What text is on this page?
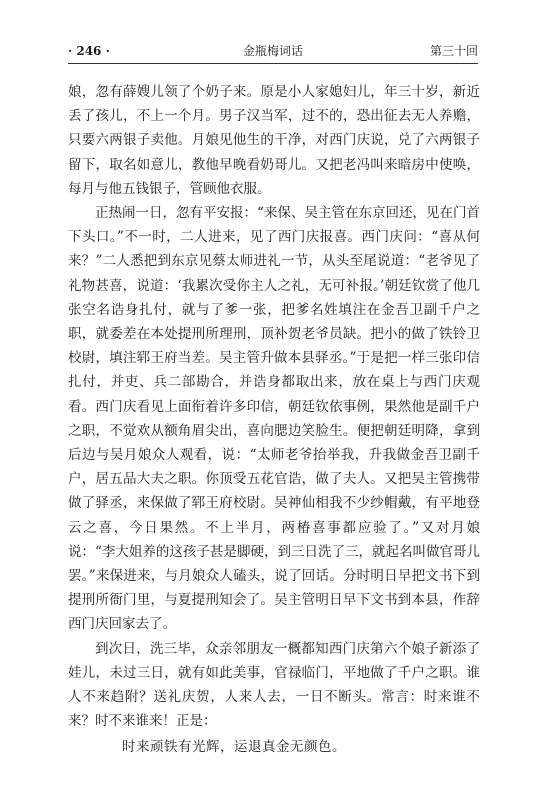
· 246 ·	金瓶梅词话	第三十回

娘，忽有薛嫂儿领了个奶子来。原是小人家媳妇儿，年三十岁，新近丢了孩儿，不上一个月。男子汉当军，过不的，恐出征去无人养赡，只要六两银子卖他。月娘见他生的干净，对西门庆说，兑了六两银子留下，取名如意儿，教他早晚看奶哥儿。又把老冯叫来暗房中使唤，每月与他五钱银子，管顾他衣服。

正热闹一日，忽有平安报：“来保、吴主管在东京回还，见在门首下头口。”不一时，二人进来，见了西门庆报喜。西门庆问：“喜从何来？”二人悉把到东京见蔡太师进礼一节，从头至尾说道：“老爷见了礼物甚喜，说道：‘我累次受你主人之礼，无可补报。’朝廷钦赏了他几张空名诰身扎付，就与了爹一张，把爹名姓填注在金吾卫副千户之职，就委差在本处提刑所理刑，顶补贺老爷员缺。把小的做了铁铃卫校尉，填注郓王府当差。吴主管升做本县驿丞。”于是把一样三张印信扎付，并吏、兵二部勘合，并诰身都取出来，放在桌上与西门庆观看。西门庆看见上面衔着许多印信，朝廷钦依事例，果然他是副千户之职，不觉欢从额角眉尖出，喜向腮边笑脸生。便把朝廷明降，拿到后边与吴月娘众人观看，说：“太师老爷抬举我，升我做金吾卫副千户，居五品大夫之职。你顶受五花官诰，做了夫人。又把吴主管携带做了驿丞，来保做了郓王府校尉。吴神仙相我不少纱帽戴，有平地登云之喜，今日果然。不上半月，两椿喜事都应验了。”又对月娘说：“李大姐养的这孩子甚是脚硬，到三日洗了三，就起名叫做官哥儿罢。”来保进来，与月娘众人磕头，说了回话。分时明日早把文书下到提刑所衙门里，与夏提刑知会了。吴主管明日早下文书到本县，作辞西门庆回家去了。

到次日，洗三毕，众亲邻朋友一概都知西门庆第六个娘子新添了娃儿，未过三日，就有如此美事，官禄临门，平地做了千户之职。谁人不来趋附？送礼庆贺，人来人去，一日不断头。常言：时来谁不来？时不来谁来！正是：

时来顽铁有光辉，运退真金无颜色。
